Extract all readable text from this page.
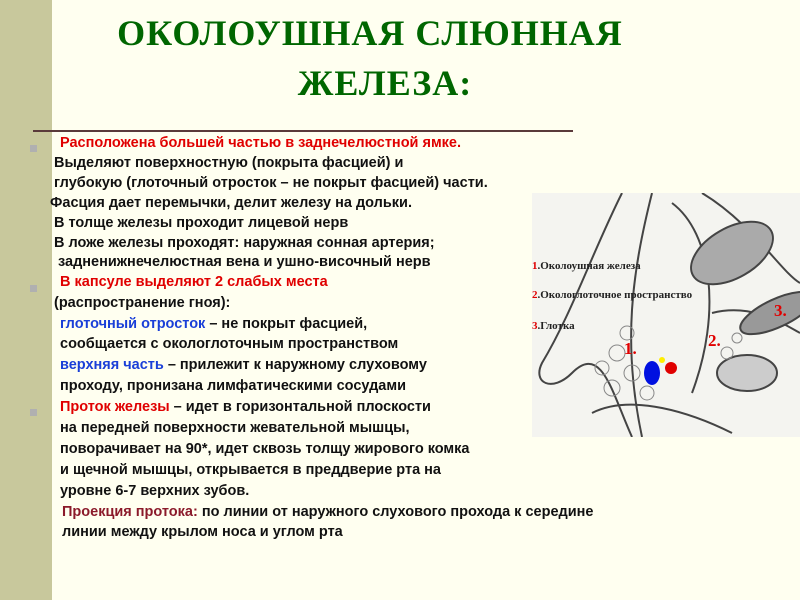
ОКОЛОУШНАЯ СЛЮННАЯ
ЖЕЛЕЗА:
Расположена большей частью в заднечелюстной ямке.
Выделяют поверхностную (покрыта фасцией) и
глубокую (глоточный отросток – не покрыт фасцией) части.
Фасция дает перемычки, делит железу на дольки.
В толще железы проходит лицевой нерв
В ложе железы проходят: наружная сонная артерия;
задненижнечелюстная вена и ушно-височный нерв
В капсуле выделяют 2 слабых места
(распространение гноя):
глоточный отросток – не покрыт фасцией,
сообщается с окологлоточным пространством
верхняя часть – прилежит к наружному слуховому
проходу, пронизана лимфатическими сосудами
Проток железы – идет в горизонтальной плоскости
на передней поверхности жевательной мышцы,
поворачивает на 90*, идет сквозь толщу жирового комка
и щечной мышцы, открывается в преддверие рта на
уровне 6-7 верхних зубов.
Проекция протока: по линии от наружного слухового прохода к середине
линии между крылом носа и углом рта
1.Околоушная железа
2.Окологлоточное пространство
3.Глотка
1.	2.
3.
